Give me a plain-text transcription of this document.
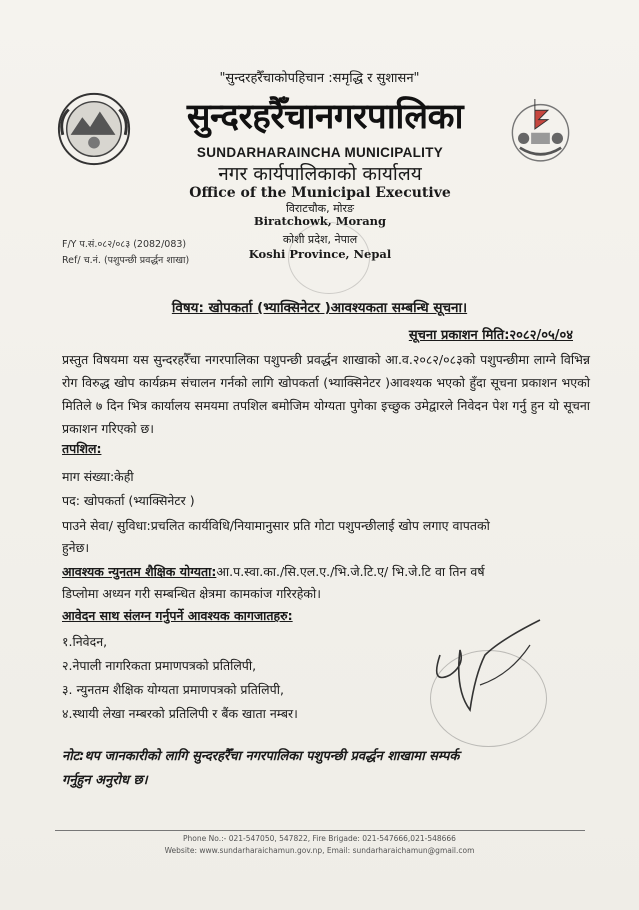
"सुन्दरहरैँचाकोपहिचान :समृद्धि र सुशासन"
सुन्दरहरैँचानगरपालिका
SUNDARHARAINCHA MUNICIPALITY
नगर कार्यपालिकाको कार्यालय
Office of the Municipal Executive
विराटचौक, मोरङ
Biratchowk, Morang
कोशी प्रदेश, नेपाल
Koshi Province, Nepal
F/Y प.सं.०८२/०८३ (2082/083)
Ref/ च.नं. (पशुपन्छी प्रवर्द्धन शाखा)
विषय: खोपकर्ता (भ्याक्सिनेटर )आवश्यकता सम्बन्धि सूचना।
सूचना प्रकाशन मिति:२०८२/०५/०४
प्रस्तुत विषयमा यस सुन्दरहरैँचा नगरपालिका पशुपन्छी प्रवर्द्धन शाखाको आ.व.२०८२/०८३को पशुपन्छीमा लाग्ने विभिन्न रोग विरुद्ध खोप कार्यक्रम संचालन गर्नको लागि खोपकर्ता (भ्याक्सिनेटर )आवश्यक भएको हुँदा सूचना प्रकाशन भएको मितिले ७ दिन भित्र कार्यालय समयमा तपशिल बमोजिम योग्यता पुगेका इच्छुक उमेद्वारले निवेदन पेश गर्नु हुन यो सूचना प्रकाशन गरिएको छ।
तपशिल:
माग संख्या:केही
पद: खोपकर्ता (भ्याक्सिनेटर )
पाउने सेवा/ सुविधा:प्रचलित कार्यविधि/नियामानुसार प्रति गोटा पशुपन्छीलाई खोप लगाए वापतको
हुनेछ।
आवश्यक न्युनतम शैक्षिक योग्यता:आ.प.स्वा.का./सि.एल.ए./भि.जे.टि.ए/ भि.जे.टि वा तिन वर्ष
डिप्लोमा अध्यन गरी सम्बन्धित क्षेत्रमा कामकांज गरिरहेको।
आवेदन साथ संलग्न गर्नुपर्ने आवश्यक कागजातहरु:
१.निवेदन,
२.नेपाली नागरिकता प्रमाणपत्रको प्रतिलिपी,
३. न्युनतम शैक्षिक योग्यता प्रमाणपत्रको प्रतिलिपी,
४.स्थायी लेखा नम्बरको प्रतिलिपी र बैंक खाता नम्बर।
नोट:थप जानकारीको लागि सुन्दरहरैँचा नगरपालिका पशुपन्छी प्रवर्द्धन शाखामा सम्पर्क
गर्नुहुन अनुरोध छ।
Phone No.:- 021-547050, 547822, Fire Brigade: 021-547666,021-548666
Website: www.sundarharaichamun.gov.np, Email: sundarharaichamun@gmail.com
